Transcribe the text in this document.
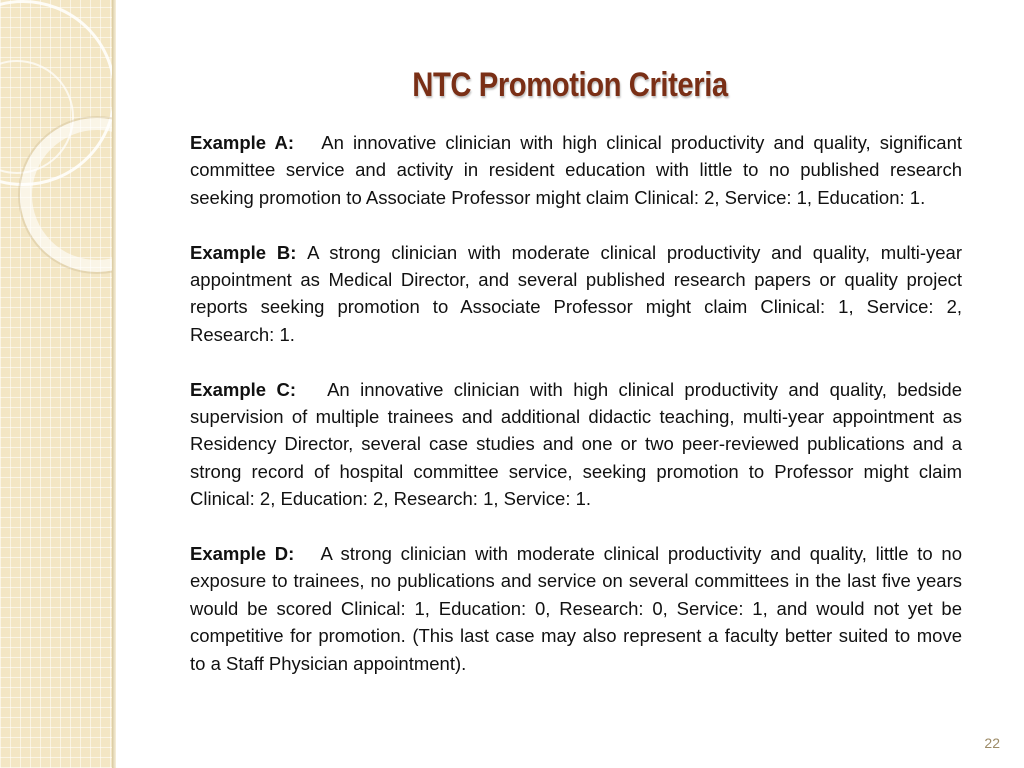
NTC Promotion Criteria

Example A: An innovative clinician with high clinical productivity and quality, significant committee service and activity in resident education with little to no published research seeking promotion to Associate Professor might claim Clinical: 2, Service: 1, Education: 1.

Example B: A strong clinician with moderate clinical productivity and quality, multi-year appointment as Medical Director, and several published research papers or quality project reports seeking promotion to Associate Professor might claim Clinical: 1, Service: 2, Research: 1.

Example C: An innovative clinician with high clinical productivity and quality, bedside supervision of multiple trainees and additional didactic teaching, multi-year appointment as Residency Director, several case studies and one or two peer-reviewed publications and a strong record of hospital committee service, seeking promotion to Professor might claim Clinical: 2, Education: 2, Research: 1, Service: 1.

Example D: A strong clinician with moderate clinical productivity and quality, little to no exposure to trainees, no publications and service on several committees in the last five years would be scored Clinical: 1, Education: 0, Research: 0, Service: 1, and would not yet be competitive for promotion. (This last case may also represent a faculty better suited to move to a Staff Physician appointment).

22
